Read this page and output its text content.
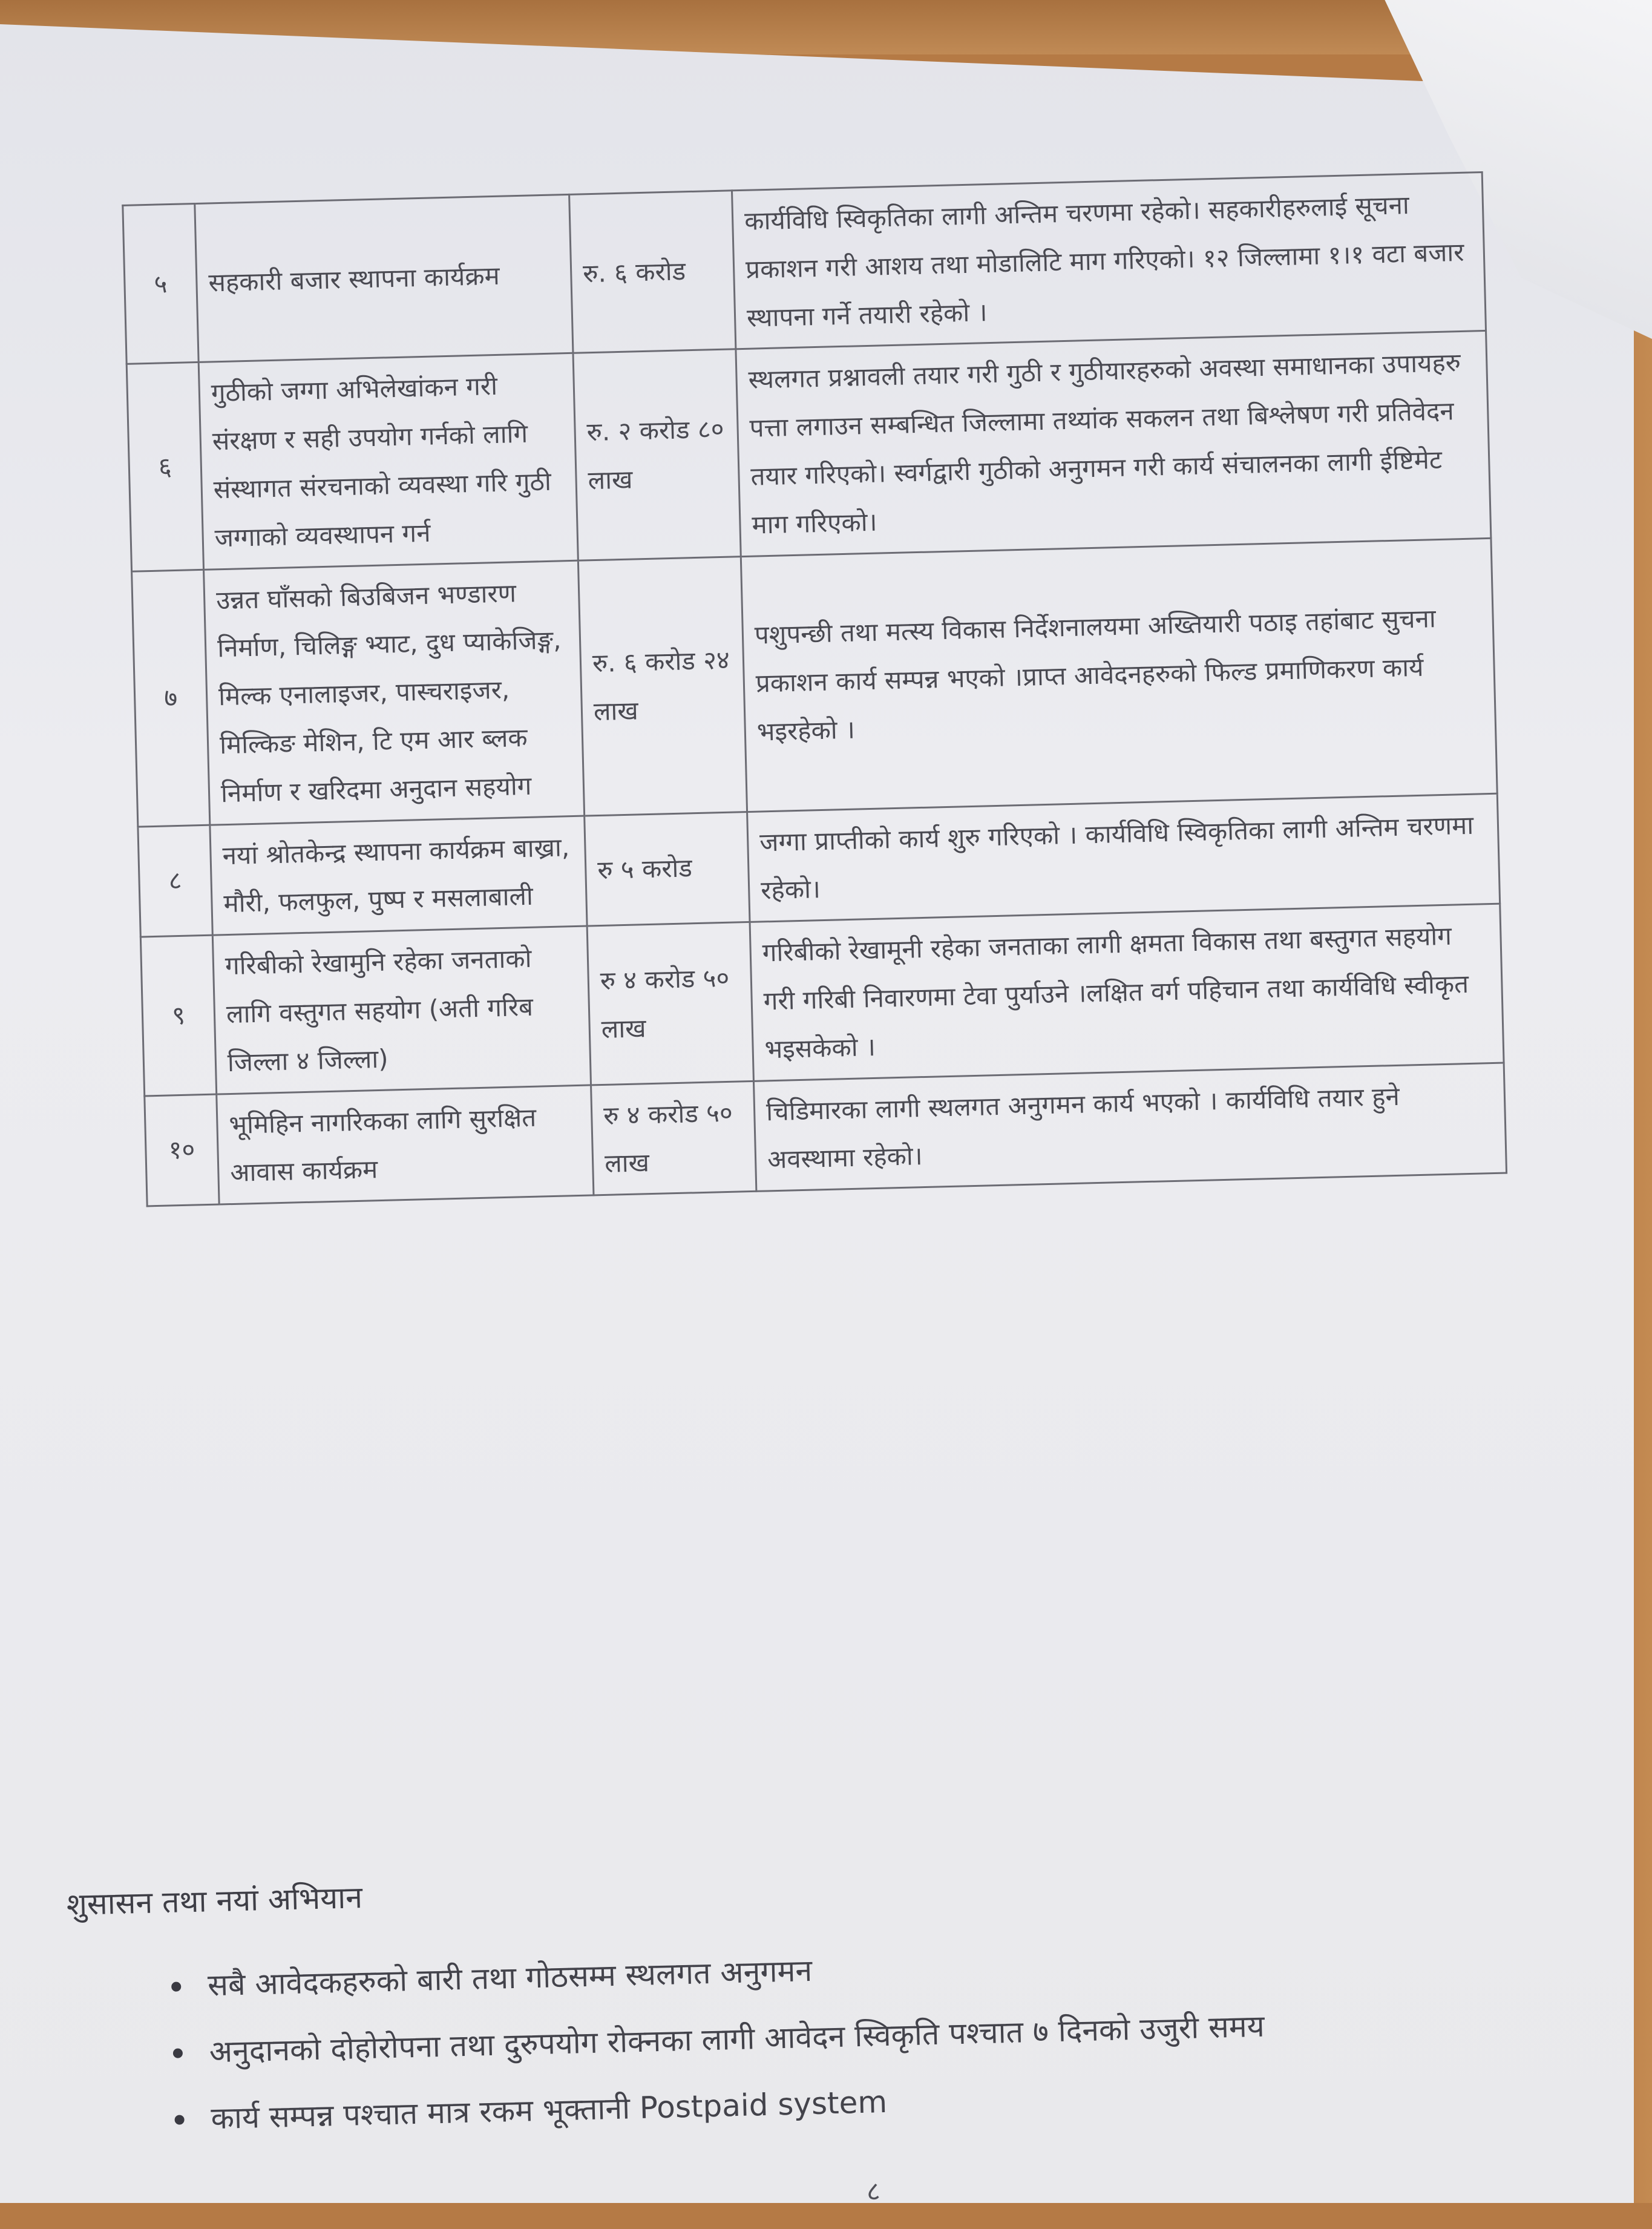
५	सहकारी बजार स्थापना कार्यक्रम	रु. ६ करोड	कार्यविधि स्विकृतिका लागी अन्तिम चरणमा रहेको। सहकारीहरुलाई सूचना प्रकाशन गरी आशय तथा मोडालिटि माग गरिएको। १२ जिल्लामा १।१ वटा बजार स्थापना गर्ने तयारी रहेको ।
६	गुठीको जग्गा अभिलेखांकन गरी संरक्षण र सही उपयोग गर्नको लागि संस्थागत संरचनाको व्यवस्था गरि गुठी जग्गाको व्यवस्थापन गर्न	रु. २ करोड ८० लाख	स्थलगत प्रश्नावली तयार गरी गुठी र गुठीयारहरुको अवस्था समाधानका उपायहरु पत्ता लगाउन सम्बन्धित जिल्लामा तथ्यांक सकलन तथा बिश्लेषण गरी प्रतिवेदन तयार गरिएको। स्वर्गद्वारी गुठीको अनुगमन गरी कार्य संचालनका लागी ईष्टिमेट माग गरिएको।
७	उन्नत घाँसको बिउबिजन भण्डारण निर्माण, चिलिङ्ग भ्याट, दुध प्याकेजिङ्ग, मिल्क एनालाइजर, पास्चराइजर, मिल्किङ मेशिन, टि एम आर ब्लक निर्माण र खरिदमा अनुदान सहयोग	रु. ६ करोड २४ लाख	पशुपन्छी तथा मत्स्य विकास निर्देशनालयमा अख्तियारी पठाइ तहांबाट सुचना प्रकाशन कार्य सम्पन्न भएको ।प्राप्त आवेदनहरुको फिल्ड प्रमाणिकरण कार्य भइरहेको ।
८	नयां श्रोतकेन्द्र स्थापना कार्यक्रम बाख्रा, मौरी, फलफुल, पुष्प र मसलाबाली	रु ५ करोड	जग्गा प्राप्तीको कार्य शुरु गरिएको । कार्यविधि स्विकृतिका लागी अन्तिम चरणमा रहेको।
९	गरिबीको रेखामुनि रहेका जनताको लागि वस्तुगत सहयोग (अती गरिब जिल्ला ४ जिल्ला)	रु ४ करोड ५० लाख	गरिबीको रेखामूनी रहेका जनताका लागी क्षमता विकास तथा बस्तुगत सहयोग गरी गरिबी निवारणमा टेवा पुर्याउने ।लक्षित वर्ग पहिचान तथा कार्यविधि स्वीकृत भइसकेको ।
१०	भूमिहिन नागरिकका लागि सुरक्षित आवास कार्यक्रम	रु ४ करोड ५० लाख	चिडिमारका लागी स्थलगत अनुगमन कार्य भएको । कार्यविधि तयार हुने अवस्थामा रहेको।
शुसासन तथा नयां अभियान
सबै आवेदकहरुको बारी तथा गोठसम्म स्थलगत अनुगमन
अनुदानको दोहोरोपना तथा दुरुपयोग रोक्नका लागी आवेदन स्विकृति पश्चात ७ दिनको उजुरी समय
कार्य सम्पन्न पश्चात मात्र रकम भूक्तानी Postpaid system
८
